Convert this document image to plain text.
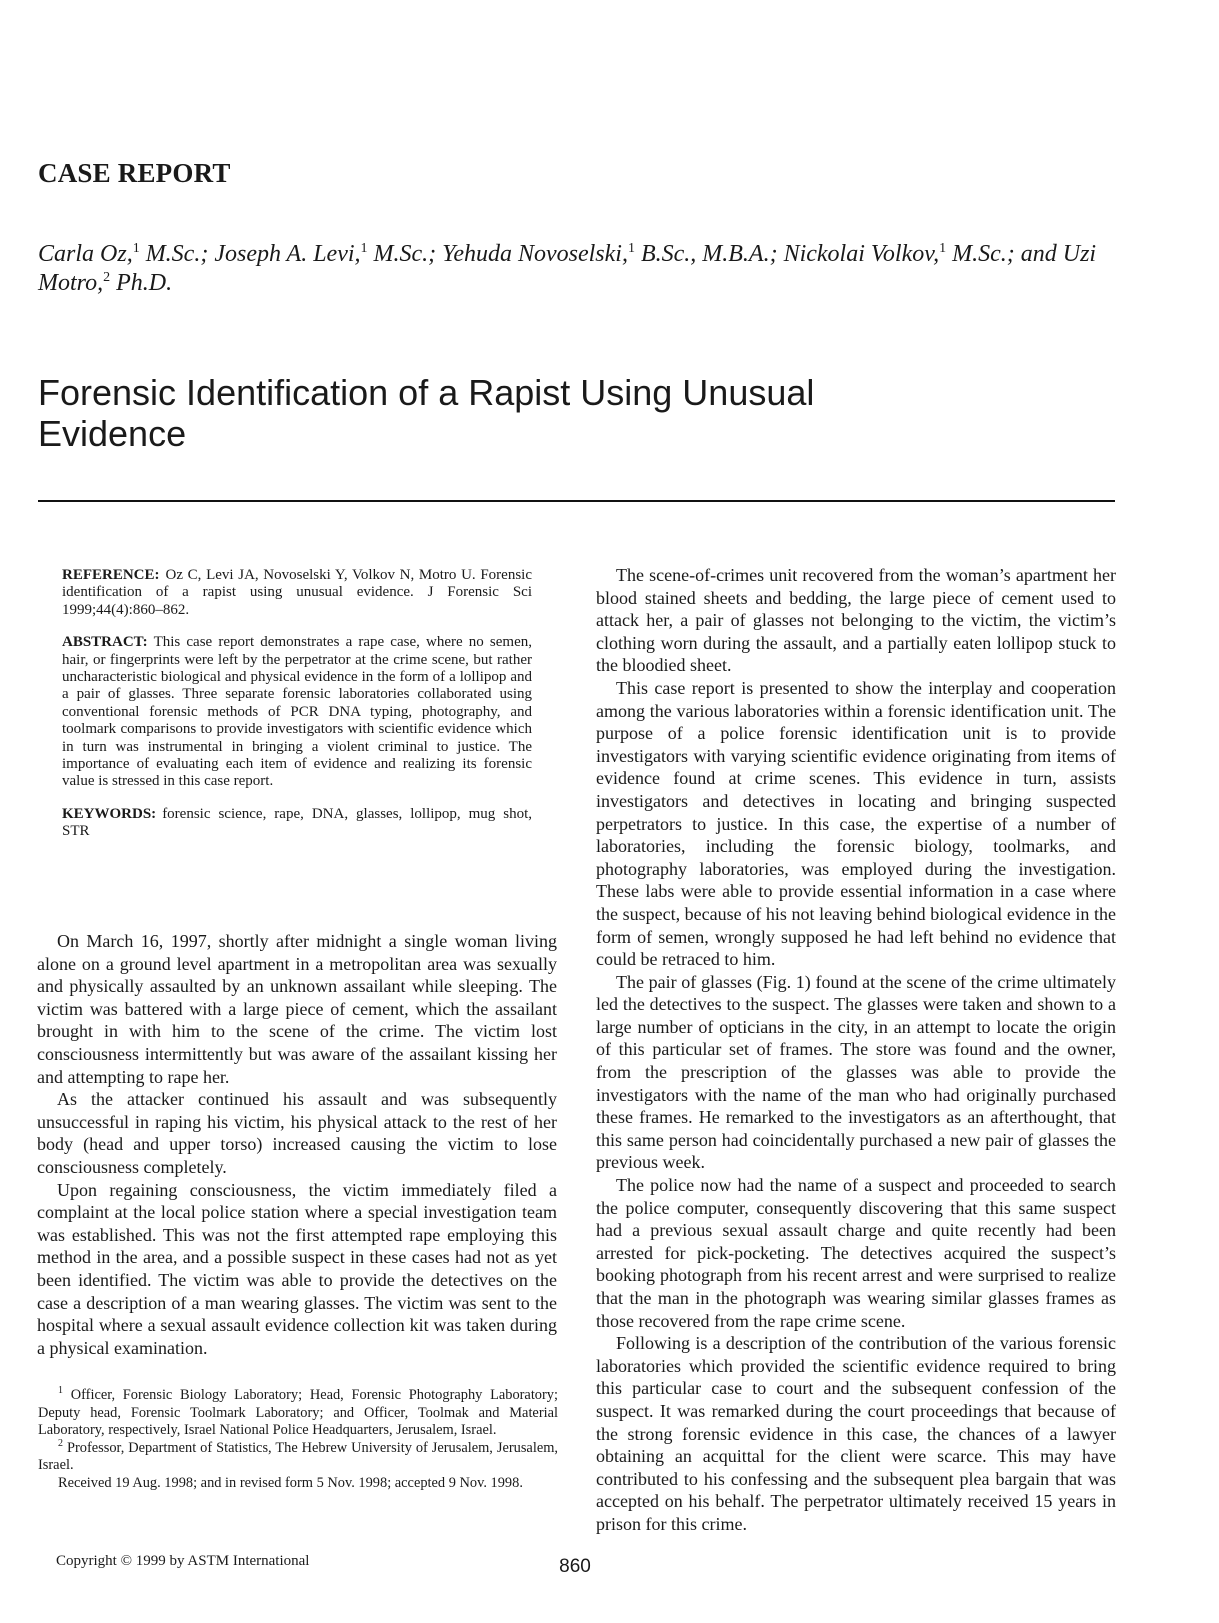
CASE REPORT
Carla Oz,$^1$ M.Sc.; Joseph A. Levi,$^1$ M.Sc.; Yehuda Novoselski,$^1$ B.Sc., M.B.A.; Nickolai Volkov,$^1$ M.Sc.; and Uzi Motro,$^2$ Ph.D.
Forensic Identification of a Rapist Using Unusual Evidence

REFERENCE: Oz C, Levi JA, Novoselski Y, Volkov N, Motro U. Forensic identification of a rapist using unusual evidence. J Forensic Sci 1999;44(4):860–862.

ABSTRACT: This case report demonstrates a rape case, where no semen, hair, or fingerprints were left by the perpetrator at the crime scene, but rather uncharacteristic biological and physical evidence in the form of a lollipop and a pair of glasses. Three separate forensic laboratories collaborated using conventional forensic methods of PCR DNA typing, photography, and toolmark comparisons to provide investigators with scientific evidence which in turn was instrumental in bringing a violent criminal to justice. The importance of evaluating each item of evidence and realizing its forensic value is stressed in this case report.

KEYWORDS: forensic science, rape, DNA, glasses, lollipop, mug shot, STR

On March 16, 1997, shortly after midnight a single woman living alone on a ground level apartment in a metropolitan area was sexually and physically assaulted by an unknown assailant while sleeping. The victim was battered with a large piece of cement, which the assailant brought in with him to the scene of the crime. The victim lost consciousness intermittently but was aware of the assailant kissing her and attempting to rape her.

As the attacker continued his assault and was subsequently unsuccessful in raping his victim, his physical attack to the rest of her body (head and upper torso) increased causing the victim to lose consciousness completely.

Upon regaining consciousness, the victim immediately filed a complaint at the local police station where a special investigation team was established. This was not the first attempted rape employing this method in the area, and a possible suspect in these cases had not as yet been identified. The victim was able to provide the detectives on the case a description of a man wearing glasses. The victim was sent to the hospital where a sexual assault evidence collection kit was taken during a physical examination.

$^1$ Officer, Forensic Biology Laboratory; Head, Forensic Photography Laboratory; Deputy head, Forensic Toolmark Laboratory; and Officer, Toolmak and Material Laboratory, respectively, Israel National Police Headquarters, Jerusalem, Israel.

$^2$ Professor, Department of Statistics, The Hebrew University of Jerusalem, Jerusalem, Israel.

Received 19 Aug. 1998; and in revised form 5 Nov. 1998; accepted 9 Nov. 1998.

The scene-of-crimes unit recovered from the woman’s apartment her blood stained sheets and bedding, the large piece of cement used to attack her, a pair of glasses not belonging to the victim, the victim’s clothing worn during the assault, and a partially eaten lollipop stuck to the bloodied sheet.

This case report is presented to show the interplay and cooperation among the various laboratories within a forensic identification unit. The purpose of a police forensic identification unit is to provide investigators with varying scientific evidence originating from items of evidence found at crime scenes. This evidence in turn, assists investigators and detectives in locating and bringing suspected perpetrators to justice. In this case, the expertise of a number of laboratories, including the forensic biology, toolmarks, and photography laboratories, was employed during the investigation. These labs were able to provide essential information in a case where the suspect, because of his not leaving behind biological evidence in the form of semen, wrongly supposed he had left behind no evidence that could be retraced to him.

The pair of glasses (Fig. 1) found at the scene of the crime ultimately led the detectives to the suspect. The glasses were taken and shown to a large number of opticians in the city, in an attempt to locate the origin of this particular set of frames. The store was found and the owner, from the prescription of the glasses was able to provide the investigators with the name of the man who had originally purchased these frames. He remarked to the investigators as an afterthought, that this same person had coincidentally purchased a new pair of glasses the previous week.

The police now had the name of a suspect and proceeded to search the police computer, consequently discovering that this same suspect had a previous sexual assault charge and quite recently had been arrested for pick-pocketing. The detectives acquired the suspect’s booking photograph from his recent arrest and were surprised to realize that the man in the photograph was wearing similar glasses frames as those recovered from the rape crime scene.

Following is a description of the contribution of the various forensic laboratories which provided the scientific evidence required to bring this particular case to court and the subsequent confession of the suspect. It was remarked during the court proceedings that because of the strong forensic evidence in this case, the chances of a lawyer obtaining an acquittal for the client were scarce. This may have contributed to his confessing and the subsequent plea bargain that was accepted on his behalf. The perpetrator ultimately received 15 years in prison for this crime.

Copyright © 1999 by ASTM International	860
